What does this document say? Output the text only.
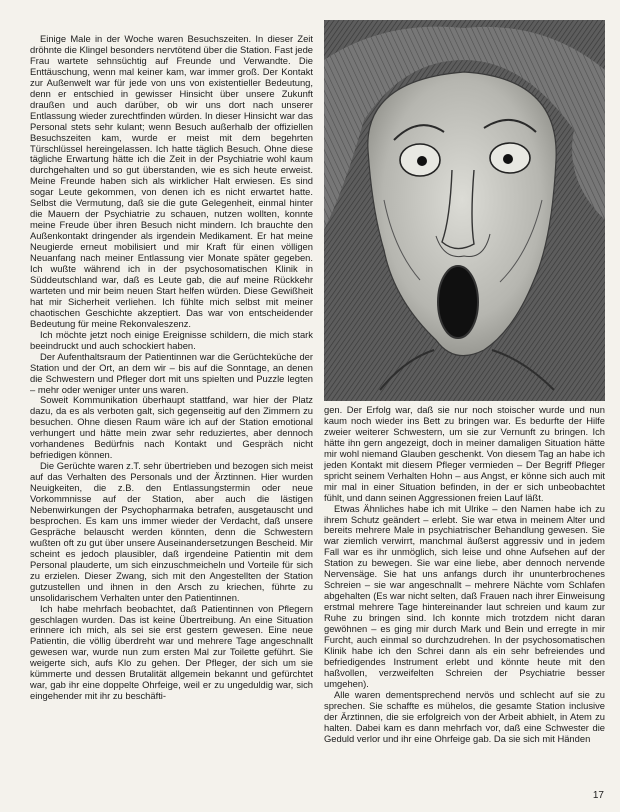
Einige Male in der Woche waren Besuchszeiten. In dieser Zeit dröhnte die Klingel besonders nervtötend über die Station. Fast jede Frau wartete sehnsüchtig auf Freunde und Verwandte. Die Enttäuschung, wenn mal keiner kam, war immer groß. Der Kontakt zur Außenwelt war für jede von uns von existentieller Bedeutung, denn er entschied in gewisser Hinsicht über unsere Zukunft draußen und auch darüber, ob wir uns dort nach unserer Entlassung wieder zurechtfinden würden. In dieser Hinsicht war das Personal stets sehr kulant; wenn Besuch außerhalb der offiziellen Besuchszeiten kam, wurde er meist mit dem begehrten Türschlüssel hereingelassen. Ich hatte täglich Besuch. Ohne diese tägliche Erwartung hätte ich die Zeit in der Psychiatrie wohl kaum durchgehalten und so gut überstanden, wie es sich heute erweist. Meine Freunde haben sich als wirklicher Halt erwiesen. Es sind sogar Leute gekommen, von denen ich es nicht erwartet hatte. Selbst die Vermutung, daß sie die gute Gelegenheit, einmal hinter die Mauern der Psychiatrie zu schauen, nutzen wollten, konnte meine Freude über ihren Besuch nicht mindern. Ich brauchte den Außenkontakt dringender als irgendein Medikament. Er hat meine Neugierde erneut mobilisiert und mir Kraft für einen völligen Neuanfang nach meiner Entlassung vier Monate später gegeben. Ich wußte während ich in der psychosomatischen Klinik in Süddeutschland war, daß es Leute gab, die auf meine Rückkehr warteten und mir beim neuen Start helfen würden. Diese Gewißheit hat mir Sicherheit verliehen. Ich fühlte mich selbst mit meiner chaotischen Geschichte akzeptiert. Das war von entscheidender Bedeutung für meine Rekonvaleszenz.

Ich möchte jetzt noch einige Ereignisse schildern, die mich stark beeindruckt und auch schockiert haben.

Der Aufenthaltsraum der Patientinnen war die Gerüchteküche der Station und der Ort, an dem wir – bis auf die Sonntage, an denen die Schwestern und Pfleger dort mit uns spielten und Puzzle legten – mehr oder weniger unter uns waren.

Soweit Kommunikation überhaupt stattfand, war hier der Platz dazu, da es als verboten galt, sich gegenseitig auf den Zimmern zu besuchen. Ohne diesen Raum wäre ich auf der Station emotional verhungert und hätte mein zwar sehr reduziertes, aber dennoch vorhandenes Bedürfnis nach Kontakt und Gespräch nicht befriedigen können.

Die Gerüchte waren z.T. sehr übertrieben und bezogen sich meist auf das Verhalten des Personals und der Ärztinnen. Hier wurden Neuigkeiten, die z.B. den Entlassungstermin oder neue Vorkommnisse auf der Station, aber auch die lästigen Nebenwirkungen der Psychopharmaka betrafen, ausgetauscht und besprochen. Es kam uns immer wieder der Verdacht, daß unsere Gespräche belauscht werden könnten, denn die Schwestern wußten oft zu gut über unsere Auseinandersetzungen Bescheid. Mir scheint es jedoch plausibler, daß irgendeine Patientin mit dem Personal plauderte, um sich einzuschmeicheln und Vorteile für sich zu erzielen. Dieser Zwang, sich mit den Angestellten der Station gutzustellen und ihnen in den Arsch zu kriechen, führte zu unsolidarischem Verhalten unter den Patientinnen.

Ich habe mehrfach beobachtet, daß Patientinnen von Pflegern geschlagen wurden. Das ist keine Übertreibung. An eine Situation erinnere ich mich, als sei sie erst gestern gewesen. Eine neue Patientin, die völlig überdreht war und mehrere Tage angeschnallt gewesen war, wurde nun zum ersten Mal zur Toilette geführt. Sie weigerte sich, aufs Klo zu gehen. Der Pfleger, der sich um sie kümmerte und dessen Brutalität allgemein bekannt und gefürchtet war, gab ihr eine doppelte Ohrfeige, weil er zu ungeduldig war, sich eingehender mit ihr zu beschäfti-

gen. Der Erfolg war, daß sie nur noch stoischer wurde und nun kaum noch wieder ins Bett zu bringen war. Es bedurfte der Hilfe zweier weiterer Schwestern, um sie zur Vernunft zu bringen. Ich hätte ihn gern angezeigt, doch in meiner damaligen Situation hätte mir wohl niemand Glauben geschenkt. Von diesem Tag an habe ich jeden Kontakt mit diesem Pfleger vermieden – Der Begriff Pfleger spricht seinem Verhalten Hohn – aus Angst, er könne sich auch mit mir mal in einer Situation befinden, in der er sich unbeobachtet fühlt, und dann seinen Aggressionen freien Lauf läßt.

Etwas Ähnliches habe ich mit Ulrike – den Namen habe ich zu ihrem Schutz geändert – erlebt. Sie war etwa in meinem Alter und bereits mehrere Male in psychiatrischer Behandlung gewesen. Sie war ziemlich verwirrt, manchmal äußerst aggressiv und in jedem Fall war es ihr unmöglich, sich leise und ohne Aufsehen auf der Station zu bewegen. Sie war eine liebe, aber dennoch nervende Nervensäge. Sie hat uns anfangs durch ihr ununterbrochenes Schreien – sie war angeschnallt – mehrere Nächte vom Schlafen abgehalten (Es war nicht selten, daß Frauen nach ihrer Einweisung erstmal mehrere Tage hintereinander laut schreien und kaum zur Ruhe zu bringen sind. Ich konnte mich trotzdem nicht daran gewöhnen – es ging mir durch Mark und Bein und erregte in mir Furcht, auch einmal so durchzudrehen. In der psychosomatischen Klinik habe ich den Schrei dann als ein sehr befreiendes und befriedigendes Instrument erlebt und könnte heute mit den haßvollen, verzweifelten Schreien der Psychiatrie besser umgehen).

Alle waren dementsprechend nervös und schlecht auf sie zu sprechen. Sie schaffte es mühelos, die gesamte Station inclusive der Ärztinnen, die sie erfolgreich von der Arbeit abhielt, in Atem zu halten. Dabei kam es dann mehrfach vor, daß eine Schwester die Geduld verlor und ihr eine Ohrfeige gab. Da sie sich mit Händen

17
